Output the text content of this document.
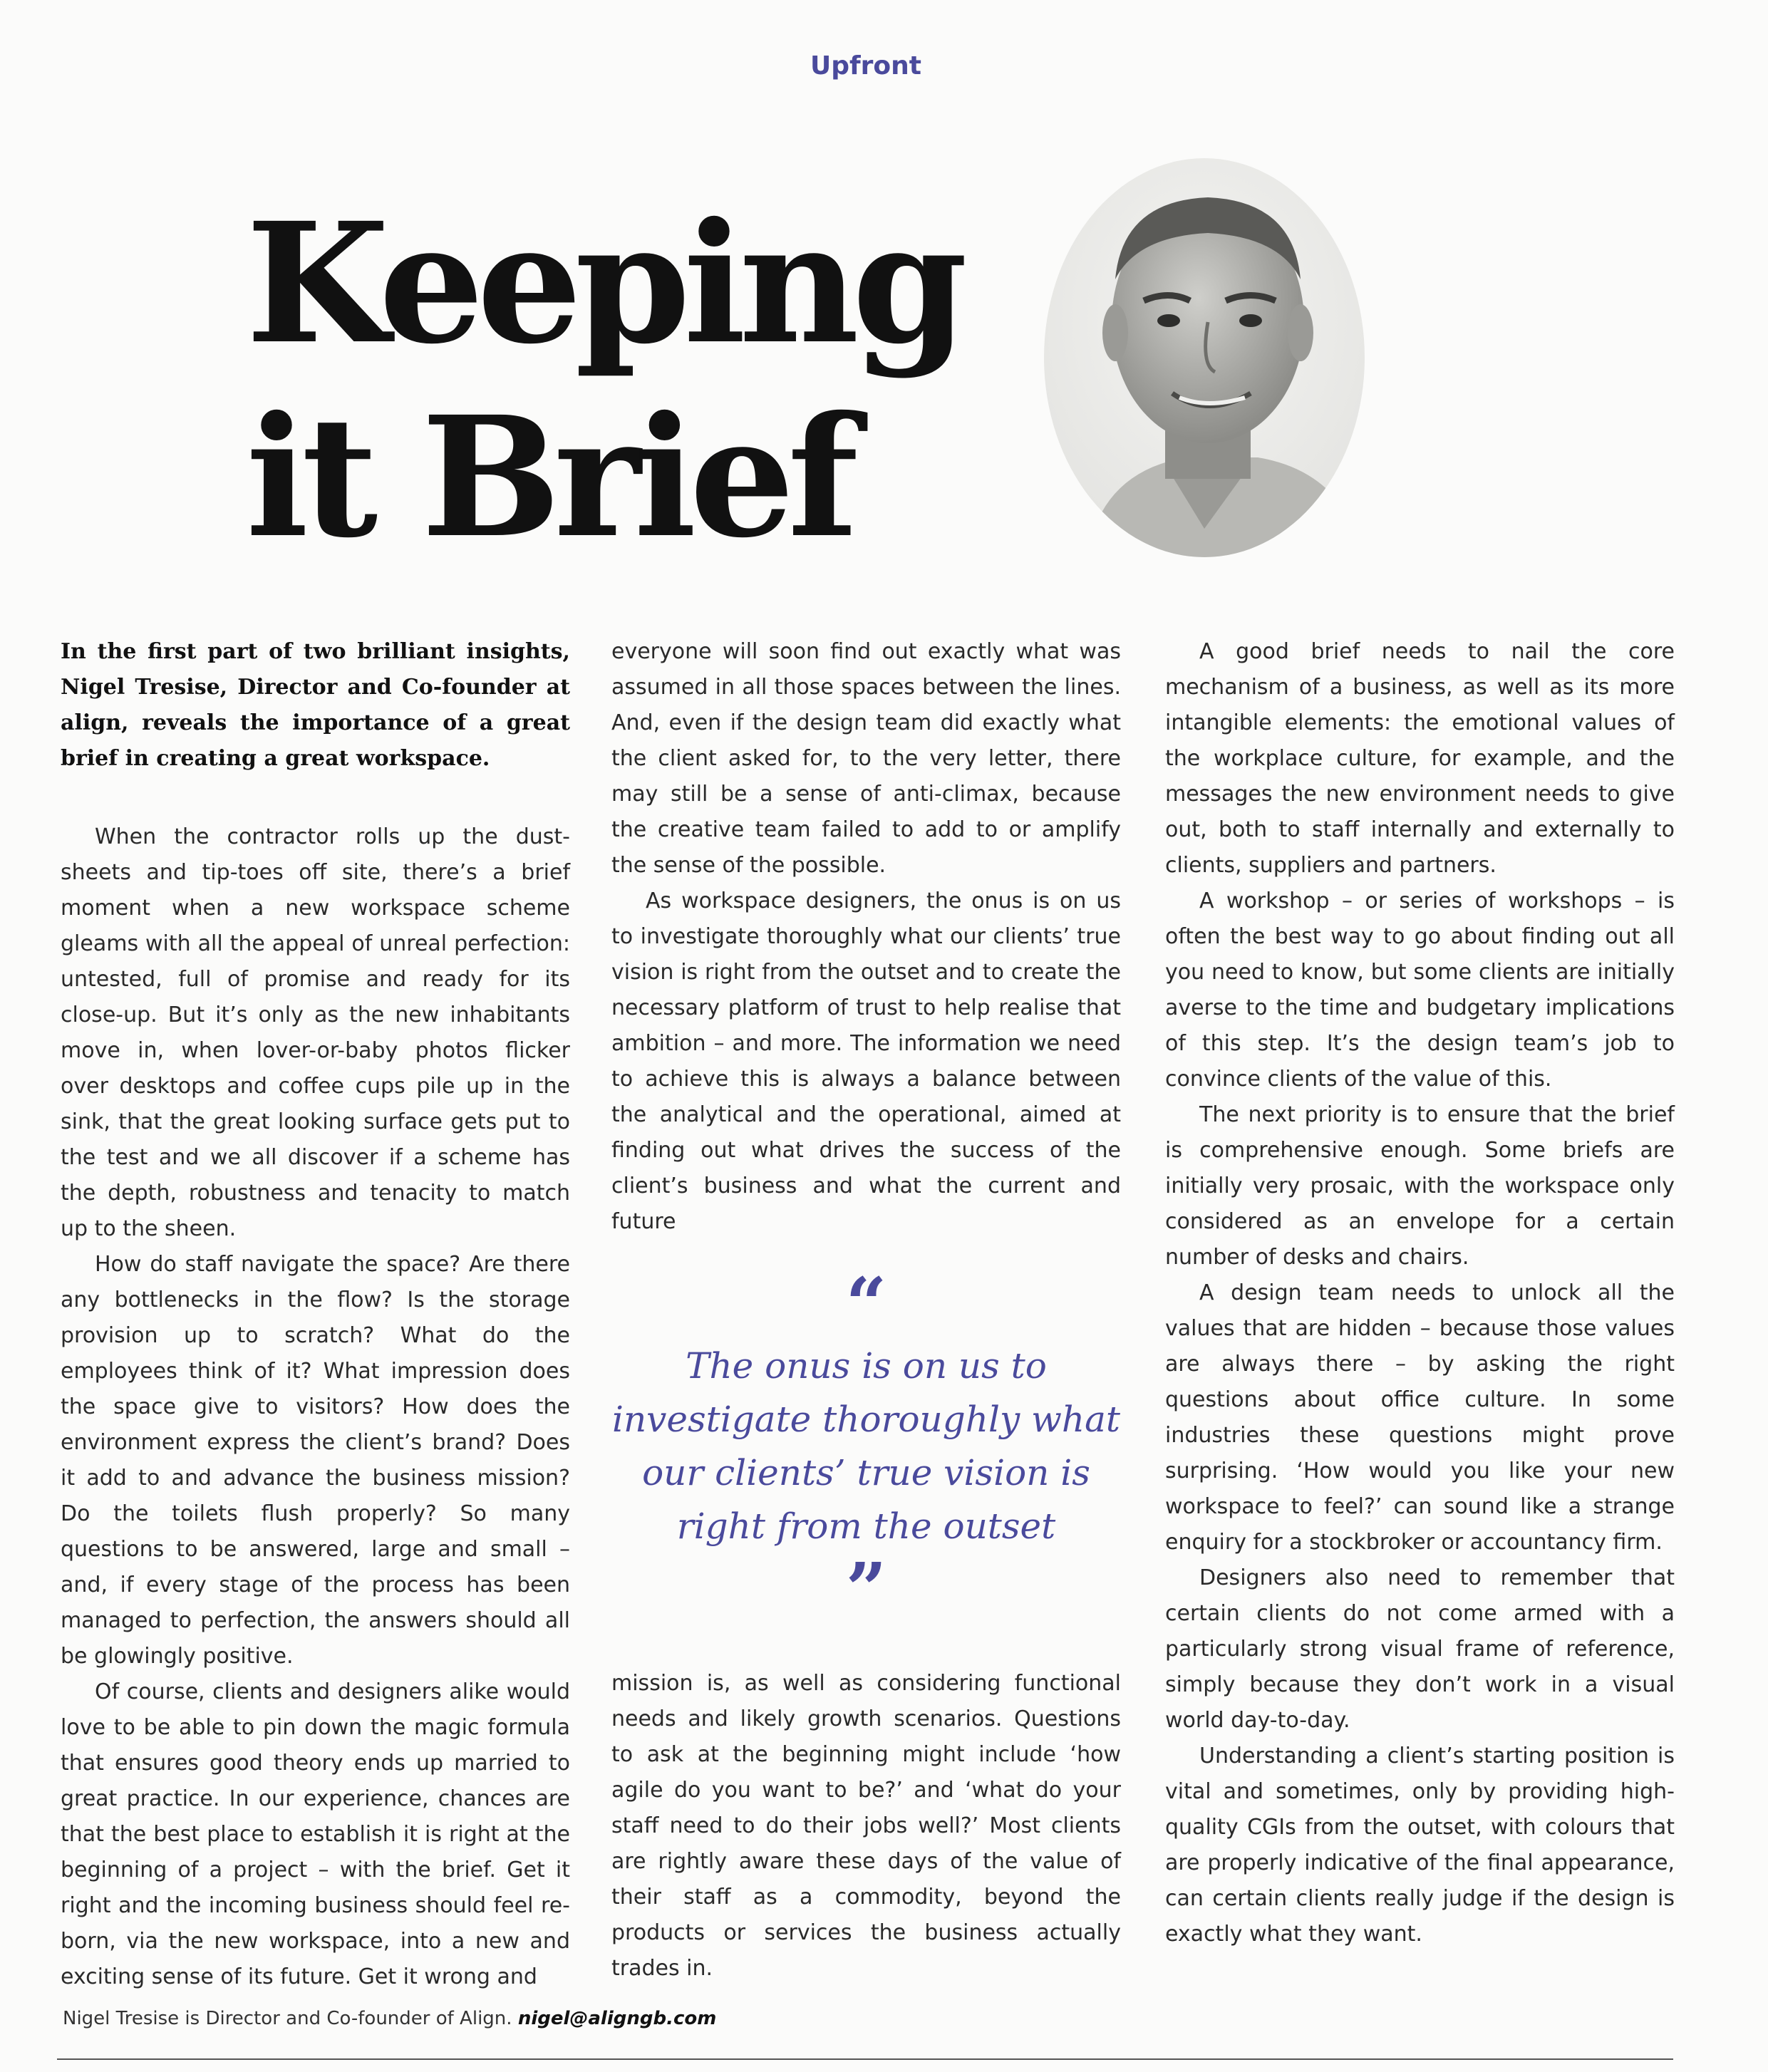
Upfront
Keeping
it Brief

In the first part of two brilliant insights, Nigel Tresise, Director and Co-founder at align, reveals the importance of a great brief in creating a great workspace.

When the contractor rolls up the dust-sheets and tip-toes off site, there’s a brief moment when a new workspace scheme gleams with all the appeal of unreal perfection: untested, full of promise and ready for its close-up. But it’s only as the new inhabitants move in, when lover-or-baby photos flicker over desktops and coffee cups pile up in the sink, that the great looking surface gets put to the test and we all discover if a scheme has the depth, robustness and tenacity to match up to the sheen.

How do staff navigate the space? Are there any bottlenecks in the flow? Is the storage provision up to scratch? What do the employees think of it? What impression does the space give to visitors? How does the environment express the client’s brand? Does it add to and advance the business mission? Do the toilets flush properly? So many questions to be answered, large and small – and, if every stage of the process has been managed to perfection, the answers should all be glowingly positive.

Of course, clients and designers alike would love to be able to pin down the magic formula that ensures good theory ends up married to great practice. In our experience, chances are that the best place to establish it is right at the beginning of a project – with the brief. Get it right and the incoming business should feel re-born, via the new workspace, into a new and exciting sense of its future. Get it wrong and

everyone will soon find out exactly what was assumed in all those spaces between the lines. And, even if the design team did exactly what the client asked for, to the very letter, there may still be a sense of anti-climax, because the creative team failed to add to or amplify the sense of the possible.

As workspace designers, the onus is on us to investigate thoroughly what our clients’ true vision is right from the outset and to create the necessary platform of trust to help realise that ambition – and more. The information we need to achieve this is always a balance between the analytical and the operational, aimed at finding out what drives the success of the client’s business and what the current and future

“
The onus is on us to investigate thoroughly what our clients’ true vision is right from the outset
”

mission is, as well as considering functional needs and likely growth scenarios. Questions to ask at the beginning might include ‘how agile do you want to be?’ and ‘what do your staff need to do their jobs well?’ Most clients are rightly aware these days of the value of their staff as a commodity, beyond the products or services the business actually trades in.

A good brief needs to nail the core mechanism of a business, as well as its more intangible elements: the emotional values of the workplace culture, for example, and the messages the new environment needs to give out, both to staff internally and externally to clients, suppliers and partners.

A workshop – or series of workshops – is often the best way to go about finding out all you need to know, but some clients are initially averse to the time and budgetary implications of this step. It’s the design team’s job to convince clients of the value of this.

The next priority is to ensure that the brief is comprehensive enough. Some briefs are initially very prosaic, with the workspace only considered as an envelope for a certain number of desks and chairs.

A design team needs to unlock all the values that are hidden – because those values are always there – by asking the right questions about office culture. In some industries these questions might prove surprising. ‘How would you like your new workspace to feel?’ can sound like a strange enquiry for a stockbroker or accountancy firm.

Designers also need to remember that certain clients do not come armed with a particularly strong visual frame of reference, simply because they don’t work in a visual world day-to-day.

Understanding a client’s starting position is vital and sometimes, only by providing high-quality CGIs from the outset, with colours that are properly indicative of the final appearance, can certain clients really judge if the design is exactly what they want.

Nigel Tresise is Director and Co-founder of Align. nigel@aligngb.com
